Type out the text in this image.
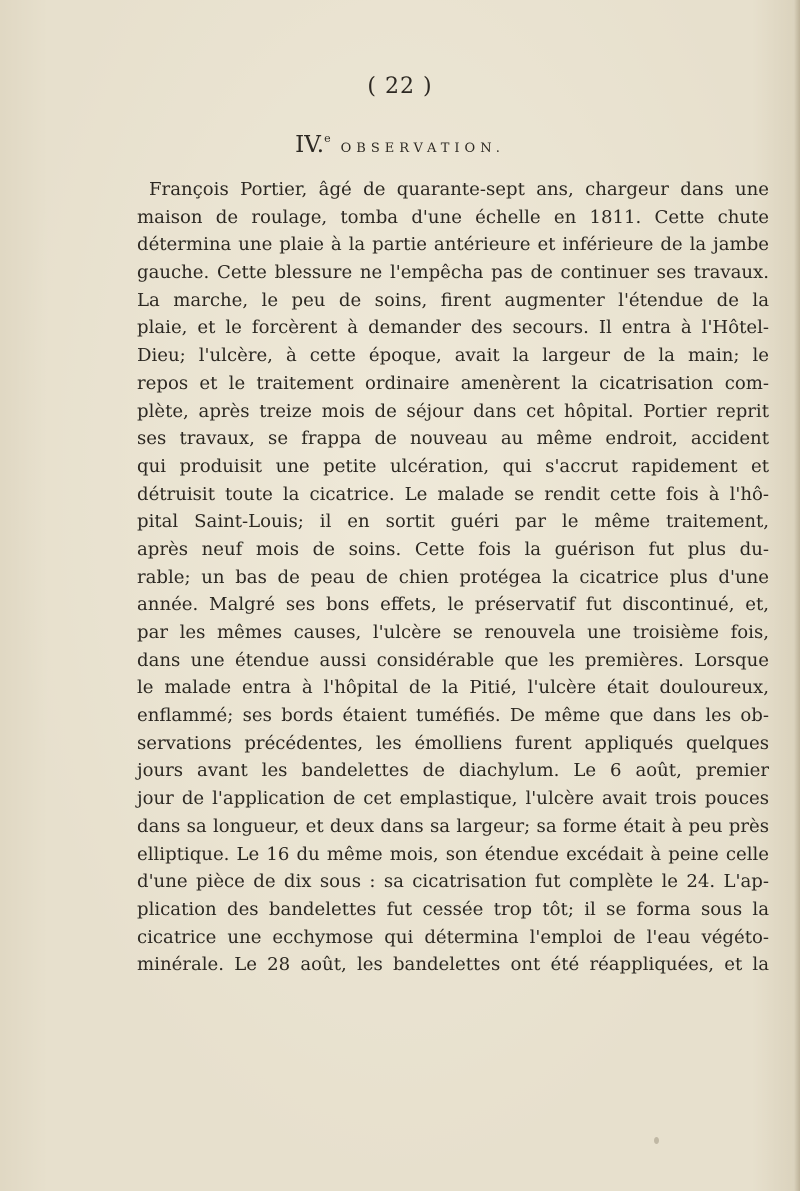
( 22 )
IV.$^e$OBSERVATION.
François Portier, âgé de quarante-sept ans, chargeur dans une
maison de roulage, tomba d'une échelle en 1811. Cette chute
détermina une plaie à la partie antérieure et inférieure de la jambe
gauche. Cette blessure ne l'empêcha pas de continuer ses travaux.
La marche, le peu de soins, firent augmenter l'étendue de la
plaie, et le forcèrent à demander des secours. Il entra à l'Hôtel-
Dieu; l'ulcère, à cette époque, avait la largeur de la main; le
repos et le traitement ordinaire amenèrent la cicatrisation com-
plète, après treize mois de séjour dans cet hôpital. Portier reprit
ses travaux, se frappa de nouveau au même endroit, accident
qui produisit une petite ulcération, qui s'accrut rapidement et
détruisit toute la cicatrice. Le malade se rendit cette fois à l'hô-
pital Saint-Louis; il en sortit guéri par le même traitement,
après neuf mois de soins. Cette fois la guérison fut plus du-
rable; un bas de peau de chien protégea la cicatrice plus d'une
année. Malgré ses bons effets, le préservatif fut discontinué, et,
par les mêmes causes, l'ulcère se renouvela une troisième fois,
dans une étendue aussi considérable que les premières. Lorsque
le malade entra à l'hôpital de la Pitié, l'ulcère était douloureux,
enflammé; ses bords étaient tuméfiés. De même que dans les ob-
servations précédentes, les émolliens furent appliqués quelques
jours avant les bandelettes de diachylum. Le 6 août, premier
jour de l'application de cet emplastique, l'ulcère avait trois pouces
dans sa longueur, et deux dans sa largeur; sa forme était à peu près
elliptique. Le 16 du même mois, son étendue excédait à peine celle
d'une pièce de dix sous : sa cicatrisation fut complète le 24. L'ap-
plication des bandelettes fut cessée trop tôt; il se forma sous la
cicatrice une ecchymose qui détermina l'emploi de l'eau végéto-
minérale. Le 28 août, les bandelettes ont été réappliquées, et la
